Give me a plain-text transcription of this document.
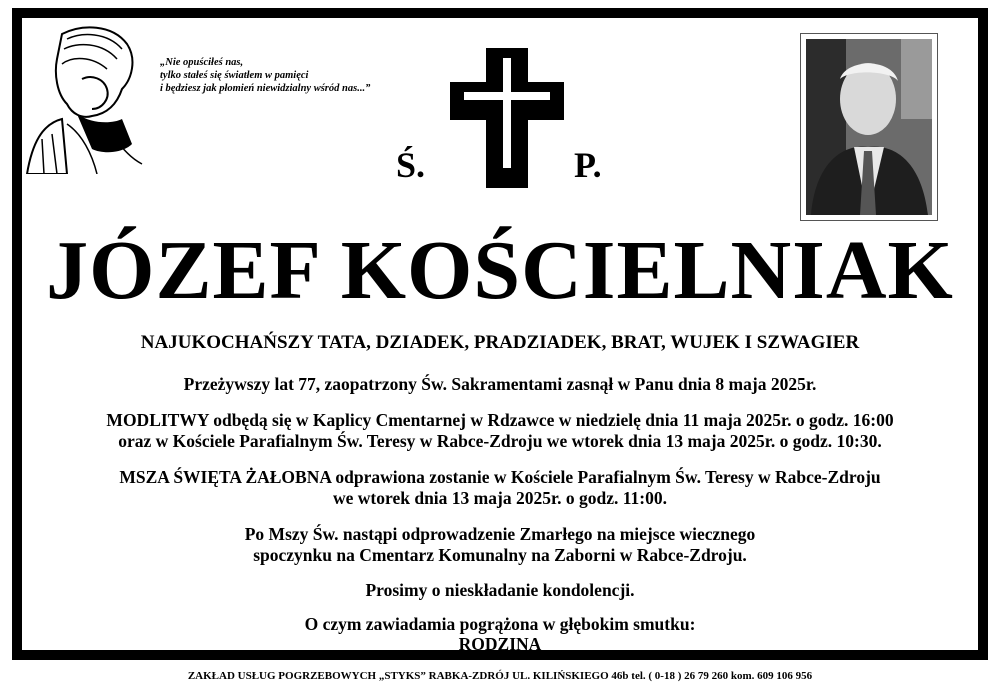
„Nie opuściłeś nas,
tylko stałeś się światłem w pamięci
i będziesz jak płomień niewidzialny wśród nas...”
Ś.	P.
JÓZEF KOŚCIELNIAK
NAJUKOCHAŃSZY TATA, DZIADEK, PRADZIADEK, BRAT, WUJEK I SZWAGIER
Przeżywszy lat 77, zaopatrzony Św. Sakramentami zasnął w Panu dnia 8 maja 2025r.
MODLITWY odbędą się w Kaplicy Cmentarnej w Rdzawce w niedzielę dnia 11 maja 2025r. o godz. 16:00
oraz w Kościele Parafialnym Św. Teresy w Rabce-Zdroju we wtorek dnia 13 maja 2025r. o godz. 10:30.
MSZA ŚWIĘTA ŻAŁOBNA odprawiona zostanie w Kościele Parafialnym Św. Teresy w Rabce-Zdroju
we wtorek dnia 13 maja 2025r. o godz. 11:00.
Po Mszy Św. nastąpi odprowadzenie Zmarłego na miejsce wiecznego
spoczynku na Cmentarz Komunalny na Zaborni w Rabce-Zdroju.
Prosimy o nieskładanie kondolencji.
O czym zawiadamia pogrążona w głębokim smutku:
RODZINA
ZAKŁAD USŁUG POGRZEBOWYCH „STYKS” RABKA-ZDRÓJ UL. KILIŃSKIEGO 46b tel. ( 0-18 ) 26 79 260 kom. 609 106 956
